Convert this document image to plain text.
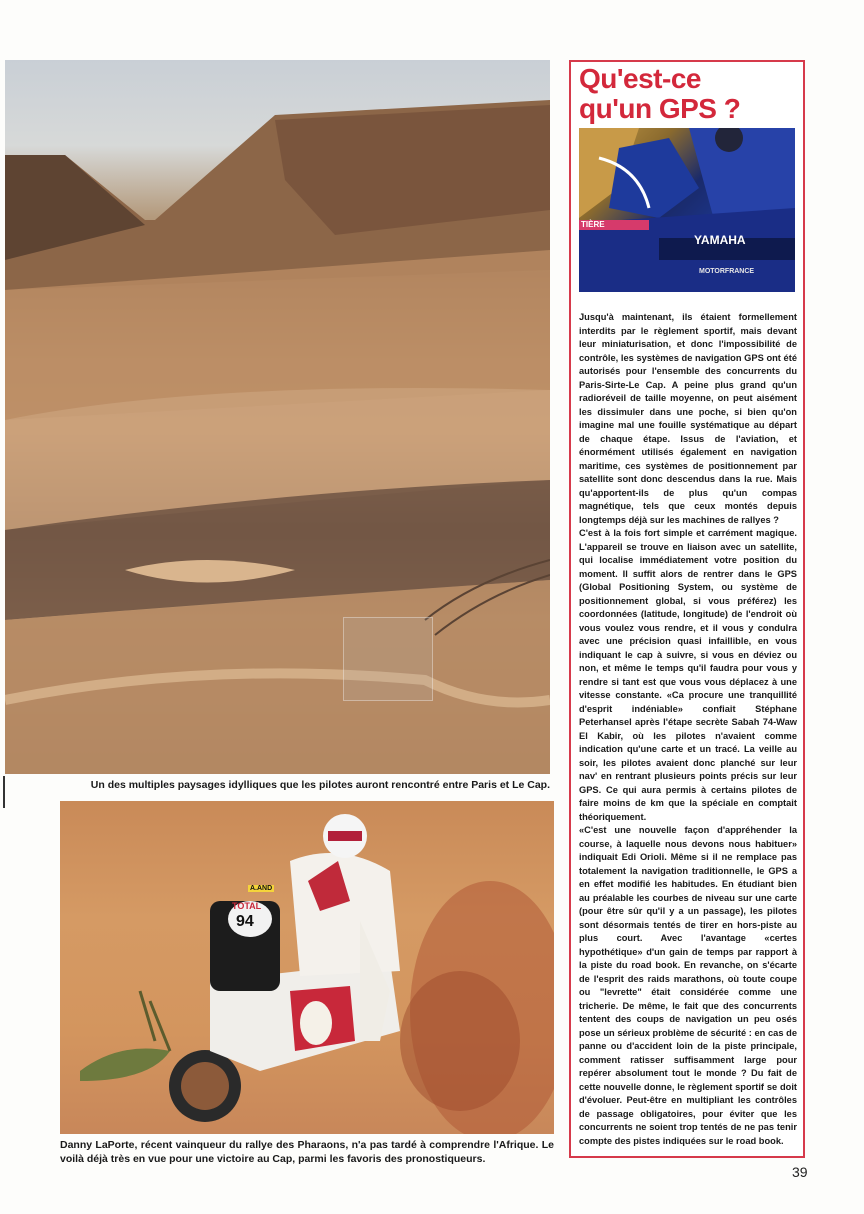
Un des multiples paysages idylliques que les pilotes auront rencontré entre Paris et Le Cap.
94
TOTAL
A.AND
Danny LaPorte, récent vainqueur du rallye des Pharaons, n'a pas tardé à comprendre l'Afrique. Le voilà déjà très en vue pour une victoire au Cap, parmi les favoris des pronostiqueurs.
Qu'est-ce
qu'un GPS ?
YAMAHA
MOTORFRANCE
TIÈRE

Jusqu'à maintenant, ils étaient formellement interdits par le règlement sportif, mais devant leur miniaturisation, et donc l'impossibilité de contrôle, les systèmes de navigation GPS ont été autorisés pour l'ensemble des concurrents du Paris-Sirte-Le Cap. A peine plus grand qu'un radioréveil de taille moyenne, on peut aisément les dissimuler dans une poche, si bien qu'on imagine mal une fouille systématique au départ de chaque étape. Issus de l'aviation, et énormément utilisés également en navigation maritime, ces systèmes de positionnement par satellite sont donc descendus dans la rue. Mais qu'apportent-ils de plus qu'un compas magnétique, tels que ceux montés depuis longtemps déjà sur les machines de rallyes ?

C'est à la fois fort simple et carrément magique. L'appareil se trouve en liaison avec un satellite, qui localise immédiatement votre position du moment. Il suffit alors de rentrer dans le GPS (Global Positioning System, ou système de positionnement global, si vous préférez) les coordonnées (latitude, longitude) de l'endroit où vous voulez vous rendre, et il vous y condulra avec une précision quasi infaillible, en vous indiquant le cap à suivre, si vous en déviez ou non, et même le temps qu'il faudra pour vous y rendre si tant est que vous vous déplacez à une vitesse constante. «Ca procure une tranquillité d'esprit indéniable» confiait Stéphane Peterhansel après l'étape secrète Sabah 74-Waw El Kabir, où les pilotes n'avaient comme indication qu'une carte et un tracé. La veille au soir, les pilotes avaient donc planché sur leur nav' en rentrant plusieurs points précis sur leur GPS. Ce qui aura permis à certains pilotes de faire moins de km que la spéciale en comptait théoriquement.

«C'est une nouvelle façon d'appréhender la course, à laquelle nous devons nous habituer» indiquait Edi Orioli. Même si il ne remplace pas totalement la navigation traditionnelle, le GPS a en effet modifié les habitudes. En étudiant bien au préalable les courbes de niveau sur une carte (pour être sûr qu'il y a un passage), les pilotes sont désormais tentés de tirer en hors-piste au plus court. Avec l'avantage «certes hypothétique» d'un gain de temps par rapport à la piste du road book. En revanche, on s'écarte de l'esprit des raids marathons, où toute coupe ou "levrette" était considérée comme une tricherie. De même, le fait que des concurrents tentent des coups de navigation un peu osés pose un sérieux problème de sécurité : en cas de panne ou d'accident loin de la piste principale, comment ratisser suffisamment large pour repérer absolument tout le monde ? Du fait de cette nouvelle donne, le règlement sportif se doit d'évoluer. Peut-être en multipliant les contrôles de passage obligatoires, pour éviter que les concurrents ne soient trop tentés de ne pas tenir compte des pistes indiquées sur le road book.

39
